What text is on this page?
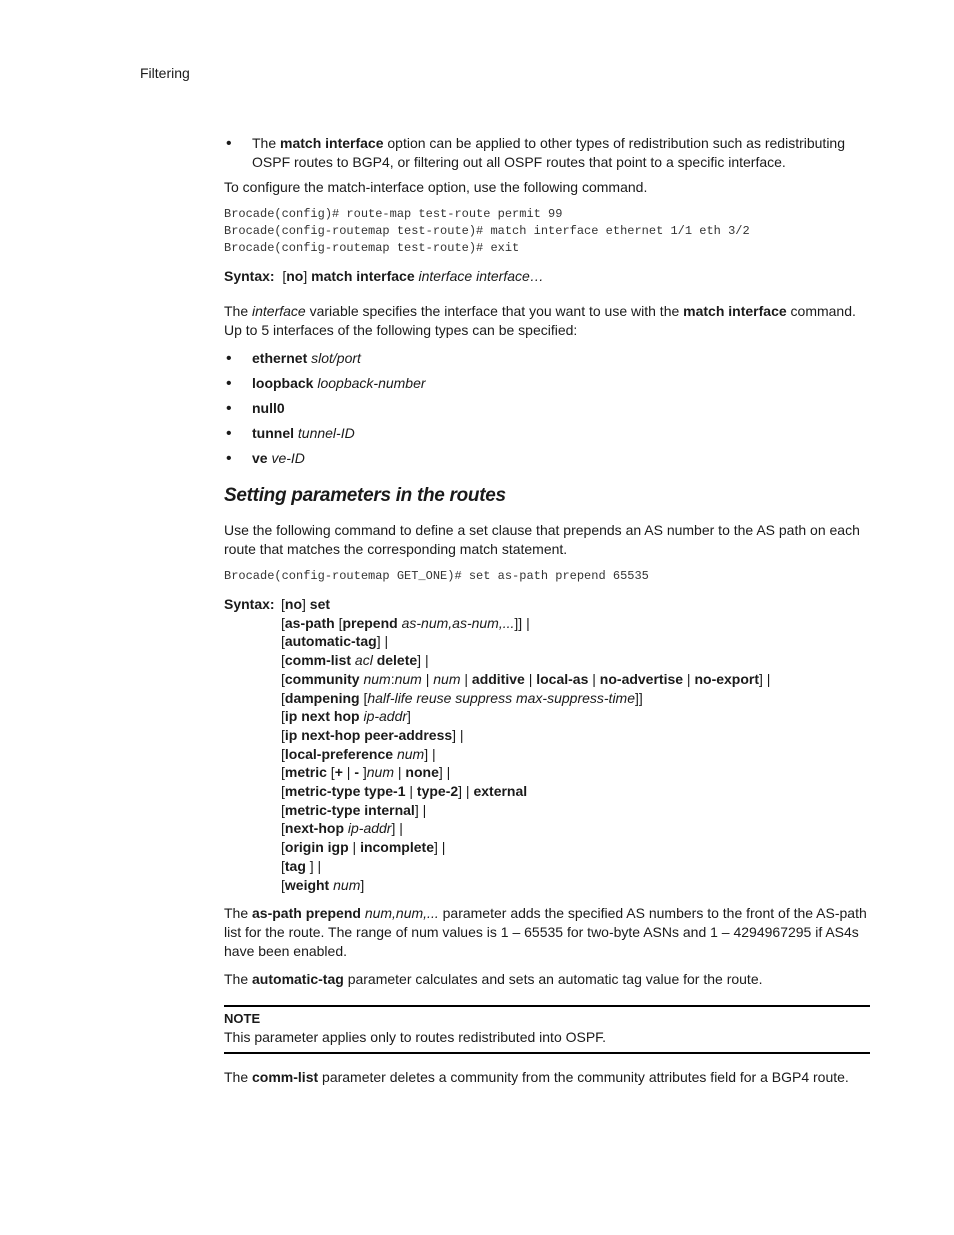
Filtering
• The match interface option can be applied to other types of redistribution such as redistributing OSPF routes to BGP4, or filtering out all OSPF routes that point to a specific interface.

To configure the match-interface option, use the following command.

Brocade(config)# route-map test-route permit 99
Brocade(config-routemap test-route)# match interface ethernet 1/1 eth 3/2
Brocade(config-routemap test-route)# exit

Syntax: [no] match interface interface interface…

The interface variable specifies the interface that you want to use with the match interface command. Up to 5 interfaces of the following types can be specified:

• ethernet slot/port
• loopback loopback-number
• null0
• tunnel tunnel-ID
• ve ve-ID
Setting parameters in the routes

Use the following command to define a set clause that prepends an AS number to the AS path on each route that matches the corresponding match statement.

Brocade(config-routemap GET_ONE)# set as-path prepend 65535
Syntax: [no] set
[as-path [prepend as-num,as-num,...]] |
[automatic-tag] |
[comm-list acl delete] |
[community num:num | num | additive | local-as | no-advertise | no-export] |
[dampening [half-life reuse suppress max-suppress-time]]
[ip next hop ip-addr]
[ip next-hop peer-address] |
[local-preference num] |
[metric [+ | - ]num | none] |
[metric-type type-1 | type-2] | external
[metric-type internal] |
[next-hop ip-addr] |
[origin igp | incomplete] |
[tag ] |
[weight num]

The as-path prepend num,num,... parameter adds the specified AS numbers to the front of the AS-path list for the route. The range of num values is 1 – 65535 for two-byte ASNs and 1 – 4294967295 if AS4s have been enabled.

The automatic-tag parameter calculates and sets an automatic tag value for the route.

NOTE
This parameter applies only to routes redistributed into OSPF.

The comm-list parameter deletes a community from the community attributes field for a BGP4 route.
